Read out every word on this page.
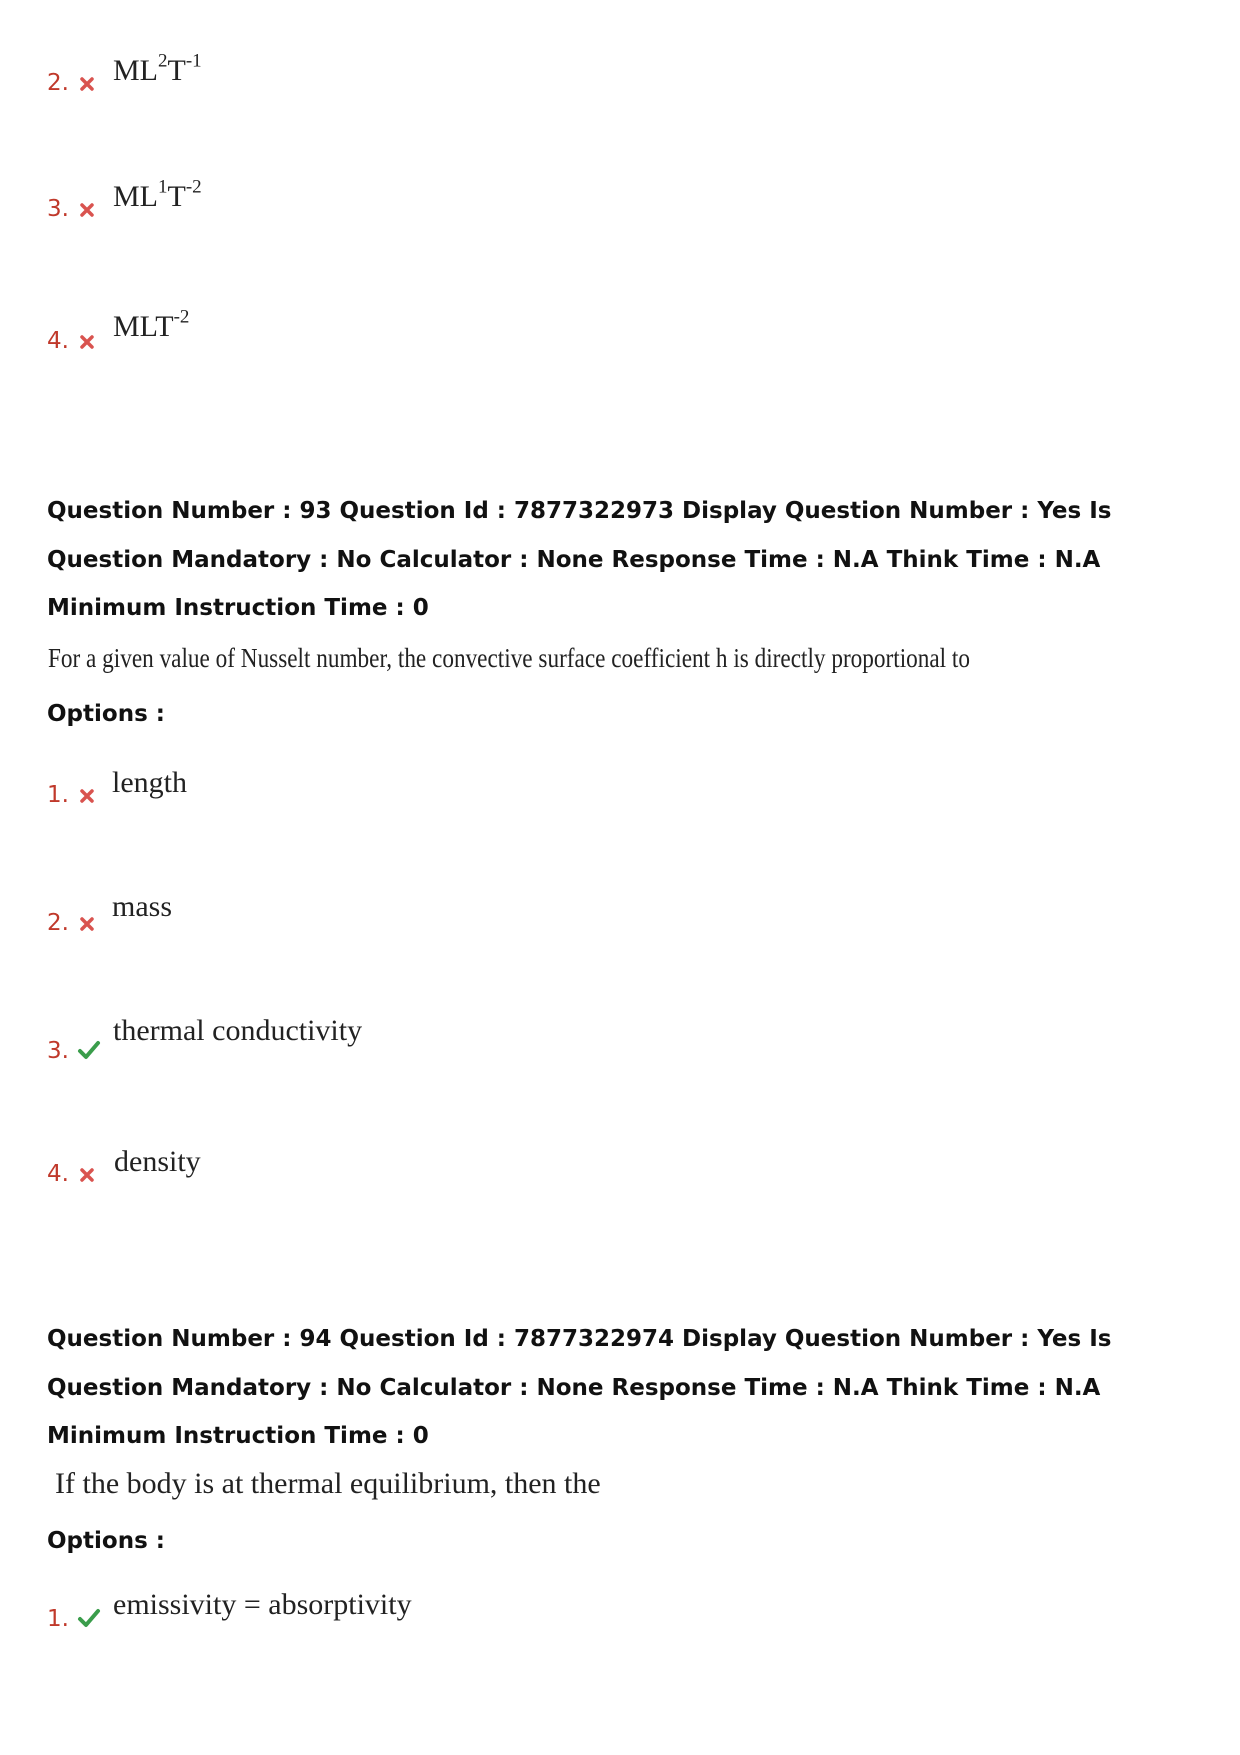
2. $ML^2T^{-1}$
3. $ML^1T^{-2}$
4. $MLT^{-2}$
Question Number : 93 Question Id : 7877322973 Display Question Number : Yes Is Question Mandatory : No Calculator : None Response Time : N.A Think Time : N.A Minimum Instruction Time : 0
For a given value of Nusselt number, the convective surface coefficient h is directly proportional to
Options :
1. length
2. mass
3.
thermal conductivity
4. density
Question Number : 94 Question Id : 7877322974 Display Question Number : Yes Is Question Mandatory : No Calculator : None Response Time : N.A Think Time : N.A Minimum Instruction Time : 0
If the body is at thermal equilibrium, then the
Options :
1. emissivity = absorptivity
